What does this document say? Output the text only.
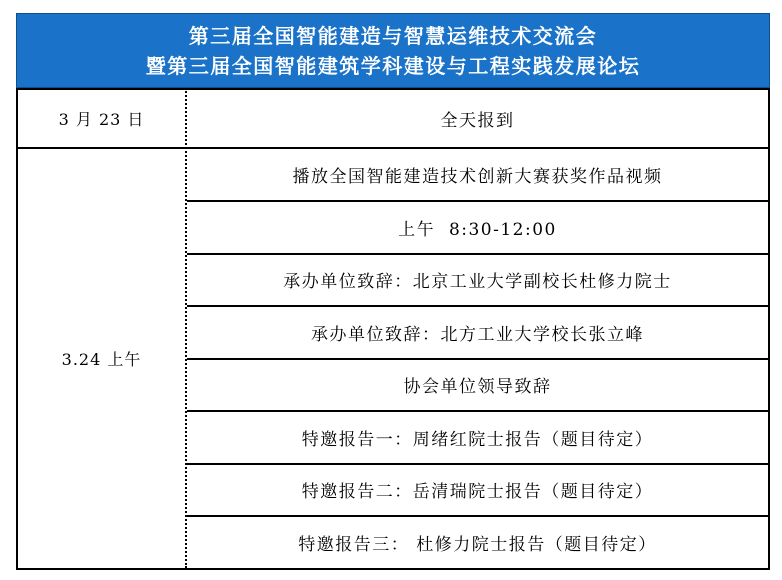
第三届全国智能建造与智慧运维技术交流会
暨第三届全国智能建筑学科建设与工程实践发展论坛
3 月 23 日	全天报到
3.24 上午
播放全国智能建造技术创新大赛获奖作品视频
上午  8:30-12:00
承办单位致辞：北京工业大学副校长杜修力院士
承办单位致辞：北方工业大学校长张立峰
协会单位领导致辞
特邀报告一：周绪红院士报告（题目待定）
特邀报告二：岳清瑞院士报告（题目待定）
特邀报告三： 杜修力院士报告（题目待定）
